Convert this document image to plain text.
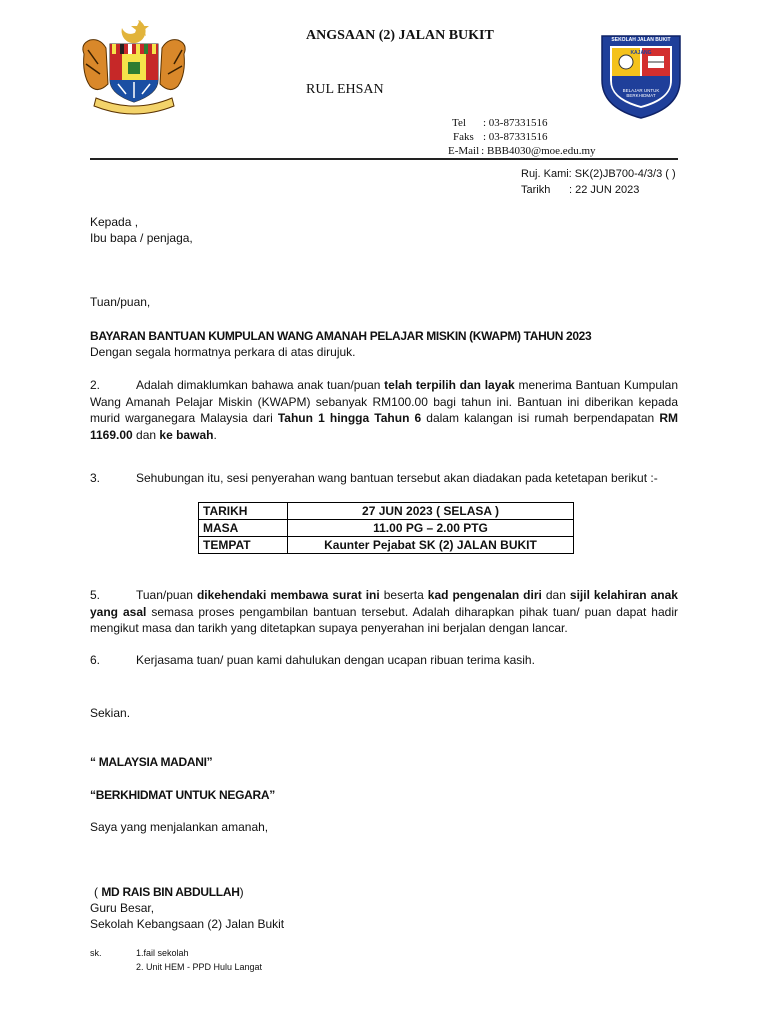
SEKOLAH JALAN BUKIT
KAJANG
BELAJAR UNTUK BERKHIDMAT
ANGSAAN (2) JALAN BUKIT
RUL EHSAN
Tel : 03-87331516
Faks : 03-87331516
E-Mail : BBB4030@moe.edu.my
Ruj. Kami: SK(2)JB700-4/3/3 ( )
Tarikh : 22 JUN 2023
Kepada ,
Ibu bapa / penjaga,
Tuan/puan,
BAYARAN BANTUAN KUMPULAN WANG AMANAH PELAJAR MISKIN (KWAPM) TAHUN 2023
Dengan segala hormatnya perkara di atas dirujuk.
2.	Adalah dimaklumkan bahawa anak tuan/puan telah terpilih dan layak menerima Bantuan Kumpulan Wang Amanah Pelajar Miskin (KWAPM) sebanyak RM100.00 bagi tahun ini. Bantuan ini diberikan kepada murid warganegara Malaysia dari Tahun 1 hingga Tahun 6 dalam kalangan isi rumah berpendapatan RM 1169.00 dan ke bawah.
3.	Sehubungan itu, sesi penyerahan wang bantuan tersebut akan diadakan pada ketetapan berikut :-
TARIKH	27 JUN 2023 ( SELASA )
MASA	11.00 PG – 2.00 PTG
TEMPAT	Kaunter Pejabat SK (2) JALAN BUKIT
5.	Tuan/puan dikehendaki membawa surat ini beserta kad pengenalan diri dan sijil kelahiran anak yang asal semasa proses pengambilan bantuan tersebut. Adalah diharapkan pihak tuan/ puan dapat hadir mengikut masa dan tarikh yang ditetapkan supaya penyerahan ini berjalan dengan lancar.
6.	Kerjasama tuan/ puan kami dahulukan dengan ucapan ribuan terima kasih.
Sekian.
“ MALAYSIA MADANI”
“BERKHIDMAT UNTUK NEGARA”
Saya yang menjalankan amanah,
( MD RAIS BIN ABDULLAH)
Guru Besar,
Sekolah Kebangsaan (2) Jalan Bukit
sk.	1.fail sekolah
2. Unit HEM - PPD Hulu Langat
